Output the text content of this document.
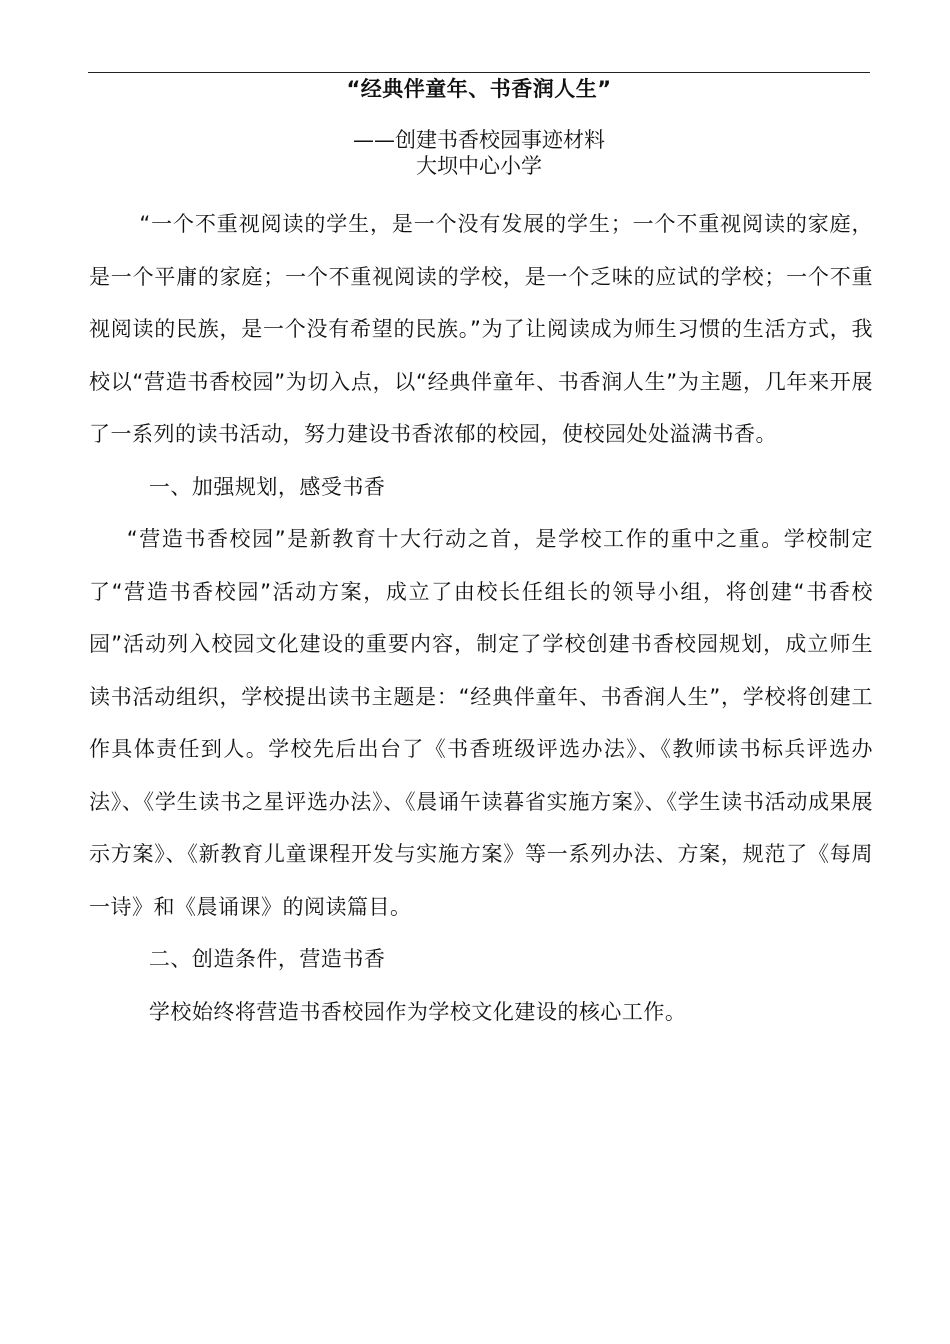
“经典伴童年、书香润人生”
——创建书香校园事迹材料
大坝中心小学

“一个不重视阅读的学生，是一个没有发展的学生；一个不重视阅读的家庭，是一个平庸的家庭；一个不重视阅读的学校，是一个乏味的应试的学校；一个不重视阅读的民族，是一个没有希望的民族。”为了让阅读成为师生习惯的生活方式，我校以“营造书香校园”为切入点，以“经典伴童年、书香润人生”为主题，几年来开展了一系列的读书活动，努力建设书香浓郁的校园，使校园处处溢满书香。

一、加强规划，感受书香

“营造书香校园”是新教育十大行动之首，是学校工作的重中之重。学校制定了“营造书香校园”活动方案，成立了由校长任组长的领导小组，将创建“书香校园”活动列入校园文化建设的重要内容，制定了学校创建书香校园规划，成立师生读书活动组织，学校提出读书主题是：“经典伴童年、书香润人生”，学校将创建工作具体责任到人。学校先后出台了《书香班级评选办法》、《教师读书标兵评选办法》、《学生读书之星评选办法》、《晨诵午读暮省实施方案》、《学生读书活动成果展示方案》、《新教育儿童课程开发与实施方案》等一系列办法、方案，规范了《每周一诗》和《晨诵课》的阅读篇目。

二、创造条件，营造书香

学校始终将营造书香校园作为学校文化建设的核心工作。
